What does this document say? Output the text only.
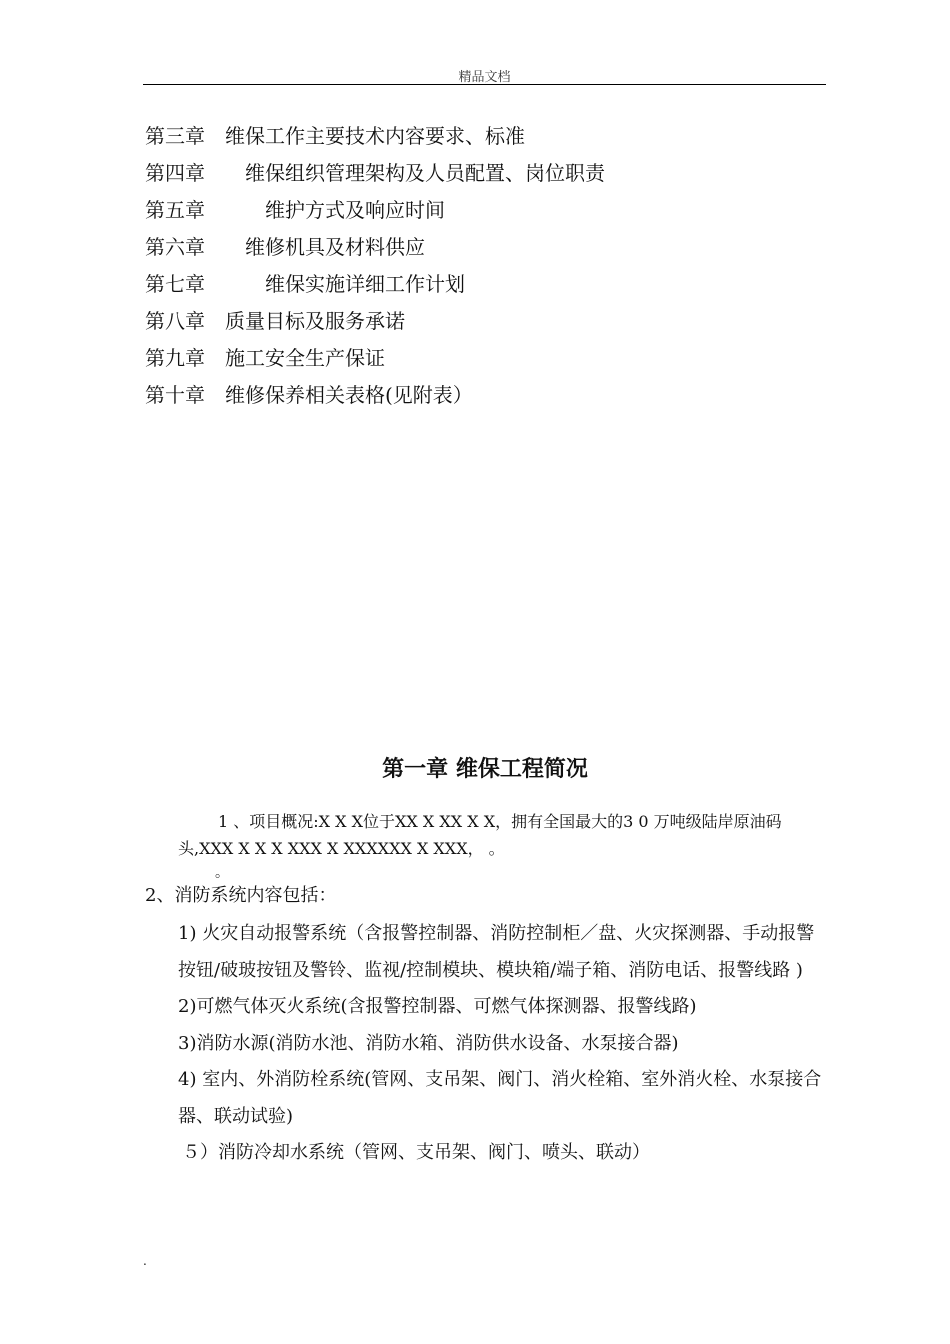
精品文档
第三章 维保工作主要技术内容要求、标准
第四章　维保组织管理架构及人员配置、岗位职责
第五章　　维护方式及响应时间
第六章　维修机具及材料供应
第七章　　维保实施详细工作计划
第八章 质量目标及服务承诺
第九章 施工安全生产保证
第十章 维修保养相关表格(见附表）
第一章 维保工程简况
1 、项目概况:X X X位于XX X XX X X，拥有全国最大的3 0 万吨级陆岸原油码头,XXX X X X XXX X XXXXXX X XXX， 。
。
2、消防系统内容包括：
1) 火灾自动报警系统（含报警控制器、消防控制柜／盘、火灾探测器、手动报警按钮/破玻按钮及警铃、监视/控制模块、模块箱/端子箱、消防电话、报警线路 )
2)可燃气体灭火系统(含报警控制器、可燃气体探测器、报警线路)
3)消防水源(消防水池、消防水箱、消防供水设备、水泵接合器)
4) 室内、外消防栓系统(管网、支吊架、阀门、消火栓箱、室外消火栓、水泵接合器、联动试验)
５）消防冷却水系统（管网、支吊架、阀门、喷头、联动）
.
